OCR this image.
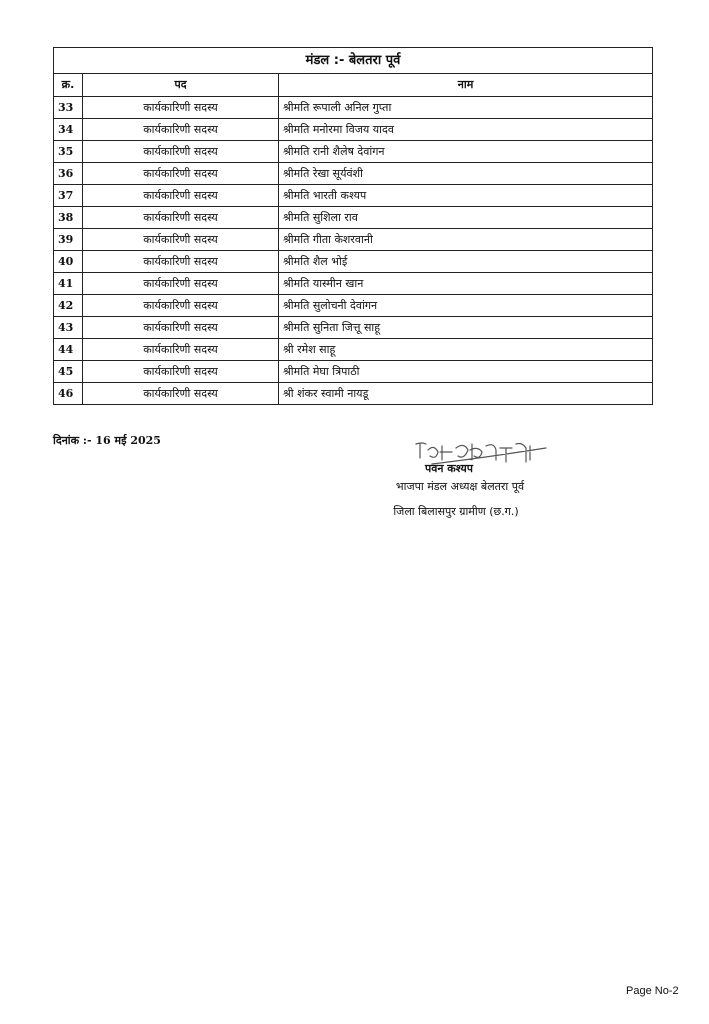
मंडल :- बेलतरा पूर्व		
क्र.	पद	नाम
33	कार्यकारिणी सदस्य	श्रीमति रूपाली अनिल गुप्ता
34	कार्यकारिणी सदस्य	श्रीमति मनोरमा विजय यादव
35	कार्यकारिणी सदस्य	श्रीमति रानी शैलेष देवांगन
36	कार्यकारिणी सदस्य	श्रीमति रेखा सूर्यवंशी
37	कार्यकारिणी सदस्य	श्रीमति भारती कश्यप
38	कार्यकारिणी सदस्य	श्रीमति सुशिला राव
39	कार्यकारिणी सदस्य	श्रीमति गीता केशरवानी
40	कार्यकारिणी सदस्य	श्रीमति शैल भोई
41	कार्यकारिणी सदस्य	श्रीमति यास्मीन खान
42	कार्यकारिणी सदस्य	श्रीमति सुलोचनी देवांगन
43	कार्यकारिणी सदस्य	श्रीमति सुनिता जित्तू साहू
44	कार्यकारिणी सदस्य	श्री रमेश साहू
45	कार्यकारिणी सदस्य	श्रीमति मेघा त्रिपाठी
46	कार्यकारिणी सदस्य	श्री शंकर स्वामी नायडू
दिनांक :- 16 मई 2025
पवन कश्यप
भाजपा मंडल अध्यक्ष बेलतरा पूर्व
जिला बिलासपुर ग्रामीण (छ.ग.)
Page No-2
